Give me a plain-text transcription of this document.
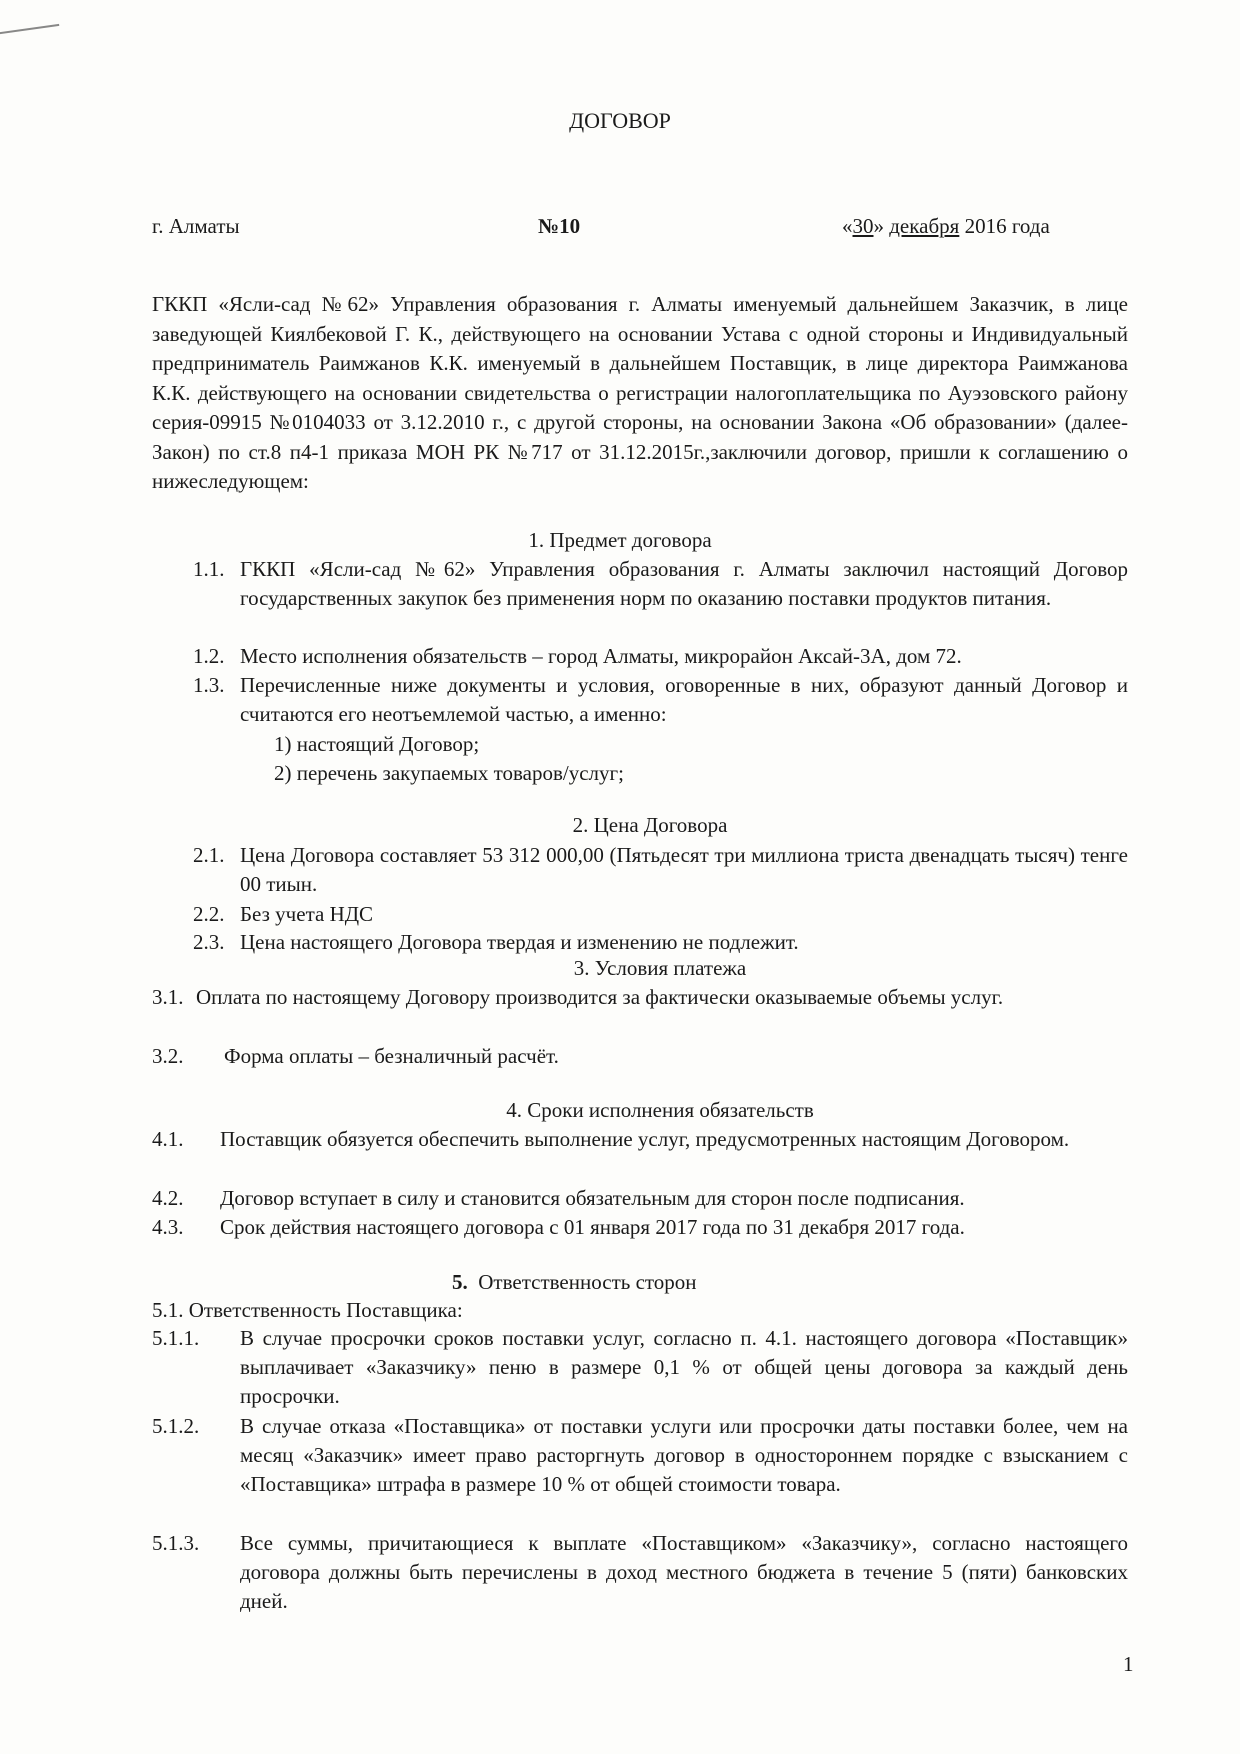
ДОГОВОР
г. Алматы	№10	«30» декабря 2016 года
ГККП «Ясли-сад №62» Управления образования г. Алматы именуемый дальнейшем Заказчик, в лице заведующей Киялбековой Г. К., действующего на основании Устава с одной стороны и Индивидуальный предприниматель Раимжанов К.К. именуемый в дальнейшем Поставщик, в лице директора Раимжанова К.К. действующего на основании свидетельства о регистрации налогоплательщика по Ауэзовского району серия-09915 №0104033 от 3.12.2010 г., с другой стороны, на основании Закона «Об образовании» (далее-Закон) по ст.8 п4-1 приказа МОН РК №717 от 31.12.2015г.,заключили договор, пришли к соглашению о нижеследующем:
1. Предмет договора
1.1. ГККП «Ясли-сад №62» Управления образования г. Алматы заключил настоящий Договор государственных закупок без применения норм по оказанию поставки продуктов питания.
1.2. Место исполнения обязательств – город Алматы, микрорайон Аксай-3А, дом 72.
1.3. Перечисленные ниже документы и условия, оговоренные в них, образуют данный Договор и считаются его неотъемлемой частью, а именно:
1) настоящий Договор;
2) перечень закупаемых товаров/услуг;
2. Цена Договора
2.1. Цена Договора составляет 53 312 000,00 (Пятьдесят три миллиона триста двенадцать тысяч) тенге 00 тиын.
2.2. Без учета НДС
2.3. Цена настоящего Договора твердая и изменению не подлежит.
3. Условия платежа
3.1. Оплата по настоящему Договору производится за фактически оказываемые объемы услуг.
3.2. Форма оплаты – безналичный расчёт.
4. Сроки исполнения обязательств
4.1. Поставщик обязуется обеспечить выполнение услуг, предусмотренных настоящим Договором.
4.2. Договор вступает в силу и становится обязательным для сторон после подписания.
4.3. Срок действия настоящего договора с 01 января 2017 года по 31 декабря 2017 года.
5. Ответственность сторон
5.1. Ответственность Поставщика:
5.1.1. В случае просрочки сроков поставки услуг, согласно п. 4.1. настоящего договора «Поставщик» выплачивает «Заказчику» пеню в размере 0,1 % от общей цены договора за каждый день просрочки.
5.1.2. В случае отказа «Поставщика» от поставки услуги или просрочки даты поставки более, чем на месяц «Заказчик» имеет право расторгнуть договор в одностороннем порядке с взысканием с «Поставщика» штрафа в размере 10 % от общей стоимости товара.
5.1.3. Все суммы, причитающиеся к выплате «Поставщиком» «Заказчику», согласно настоящего договора должны быть перечислены в доход местного бюджета в течение 5 (пяти) банковских дней.
1
